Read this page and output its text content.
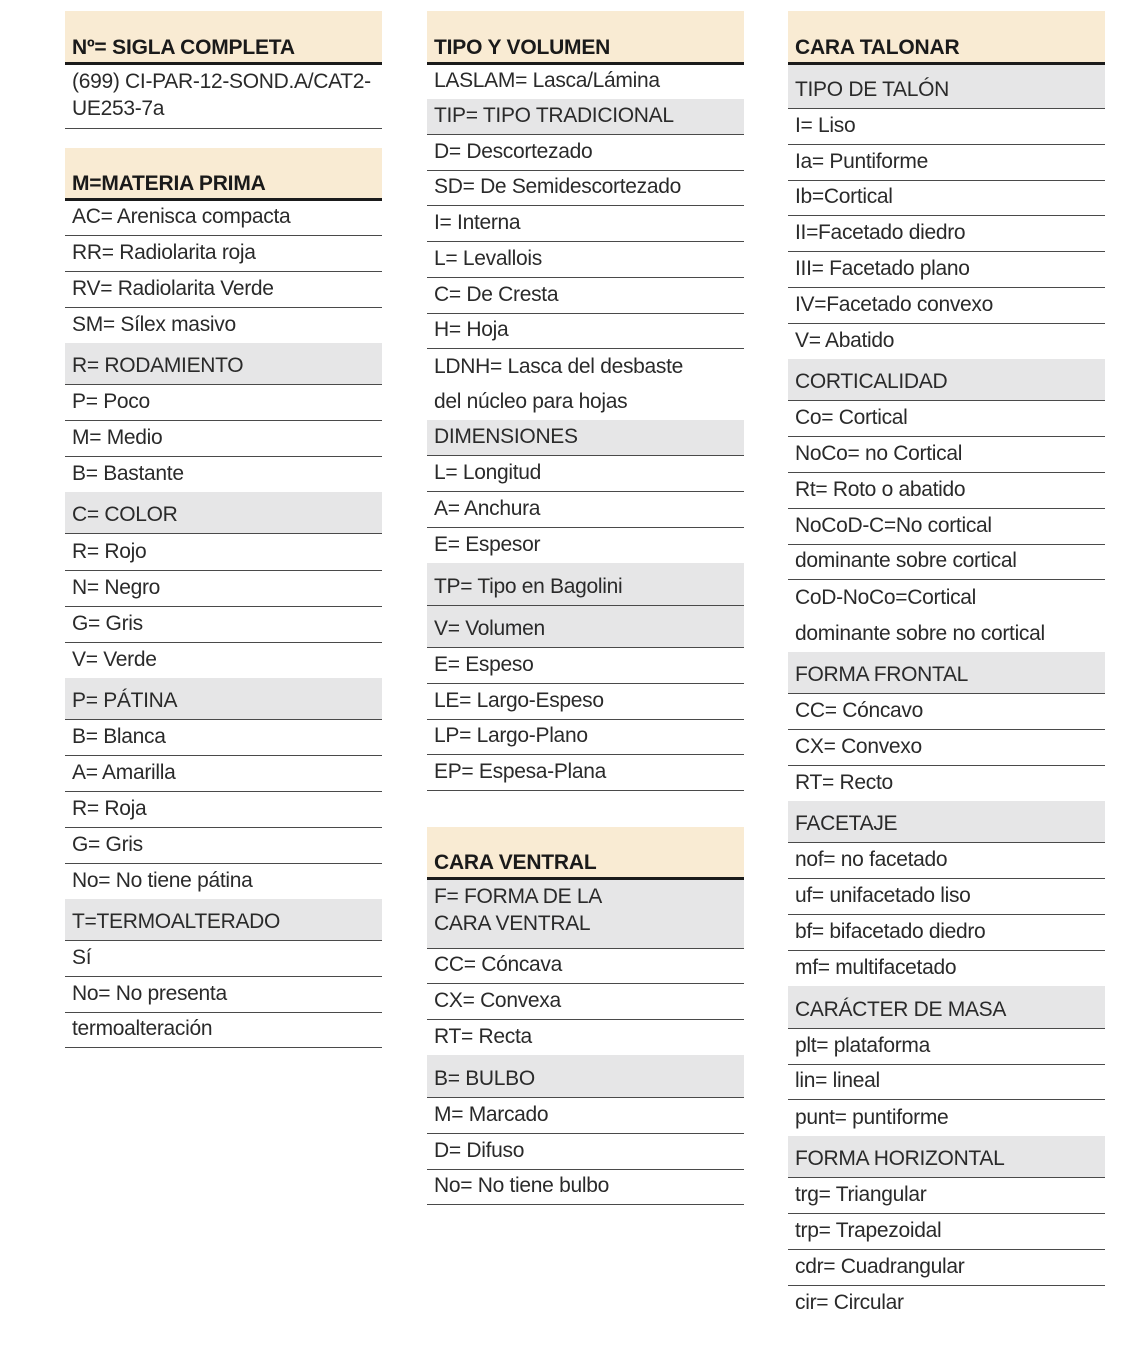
Nº= SIGLA COMPLETA
(699) CI-PAR-12-SOND.A/CAT2-
UE253-7a
M=MATERIA PRIMA
AC= Arenisca compacta
RR= Radiolarita roja
RV= Radiolarita Verde
SM= Sílex masivo
R= RODAMIENTO
P= Poco
M= Medio
B= Bastante
C= COLOR
R= Rojo
N= Negro
G= Gris
V= Verde
P= PÁTINA
B= Blanca
A= Amarilla
R= Roja
G= Gris
No= No tiene pátina
T=TERMOALTERADO
Sí
No= No presenta
termoalteración
TIPO Y VOLUMEN
LASLAM= Lasca/Lámina
TIP= TIPO TRADICIONAL
D= Descortezado
SD= De Semidescortezado
I= Interna
L= Levallois
C= De Cresta
H= Hoja
LDNH= Lasca del desbaste
del núcleo para hojas
DIMENSIONES
L= Longitud
A= Anchura
E= Espesor
TP= Tipo en Bagolini
V= Volumen
E= Espeso
LE= Largo-Espeso
LP= Largo-Plano
EP= Espesa-Plana
CARA VENTRAL
F= FORMA DE LA
CARA VENTRAL
CC= Cóncava
CX= Convexa
RT= Recta
B= BULBO
M= Marcado
D= Difuso
No= No tiene bulbo
CARA TALONAR
TIPO DE TALÓN
I= Liso
Ia= Puntiforme
Ib=Cortical
II=Facetado diedro
III= Facetado plano
IV=Facetado convexo
V= Abatido
CORTICALIDAD
Co= Cortical
NoCo= no Cortical
Rt= Roto o abatido
NoCoD-C=No cortical
dominante sobre cortical
CoD-NoCo=Cortical
dominante sobre no cortical
FORMA FRONTAL
CC= Cóncavo
CX= Convexo
RT= Recto
FACETAJE
nof= no facetado
uf= unifacetado liso
bf= bifacetado diedro
mf= multifacetado
CARÁCTER DE MASA
plt= plataforma
lin= lineal
punt= puntiforme
FORMA HORIZONTAL
trg= Triangular
trp= Trapezoidal
cdr= Cuadrangular
cir= Circular
